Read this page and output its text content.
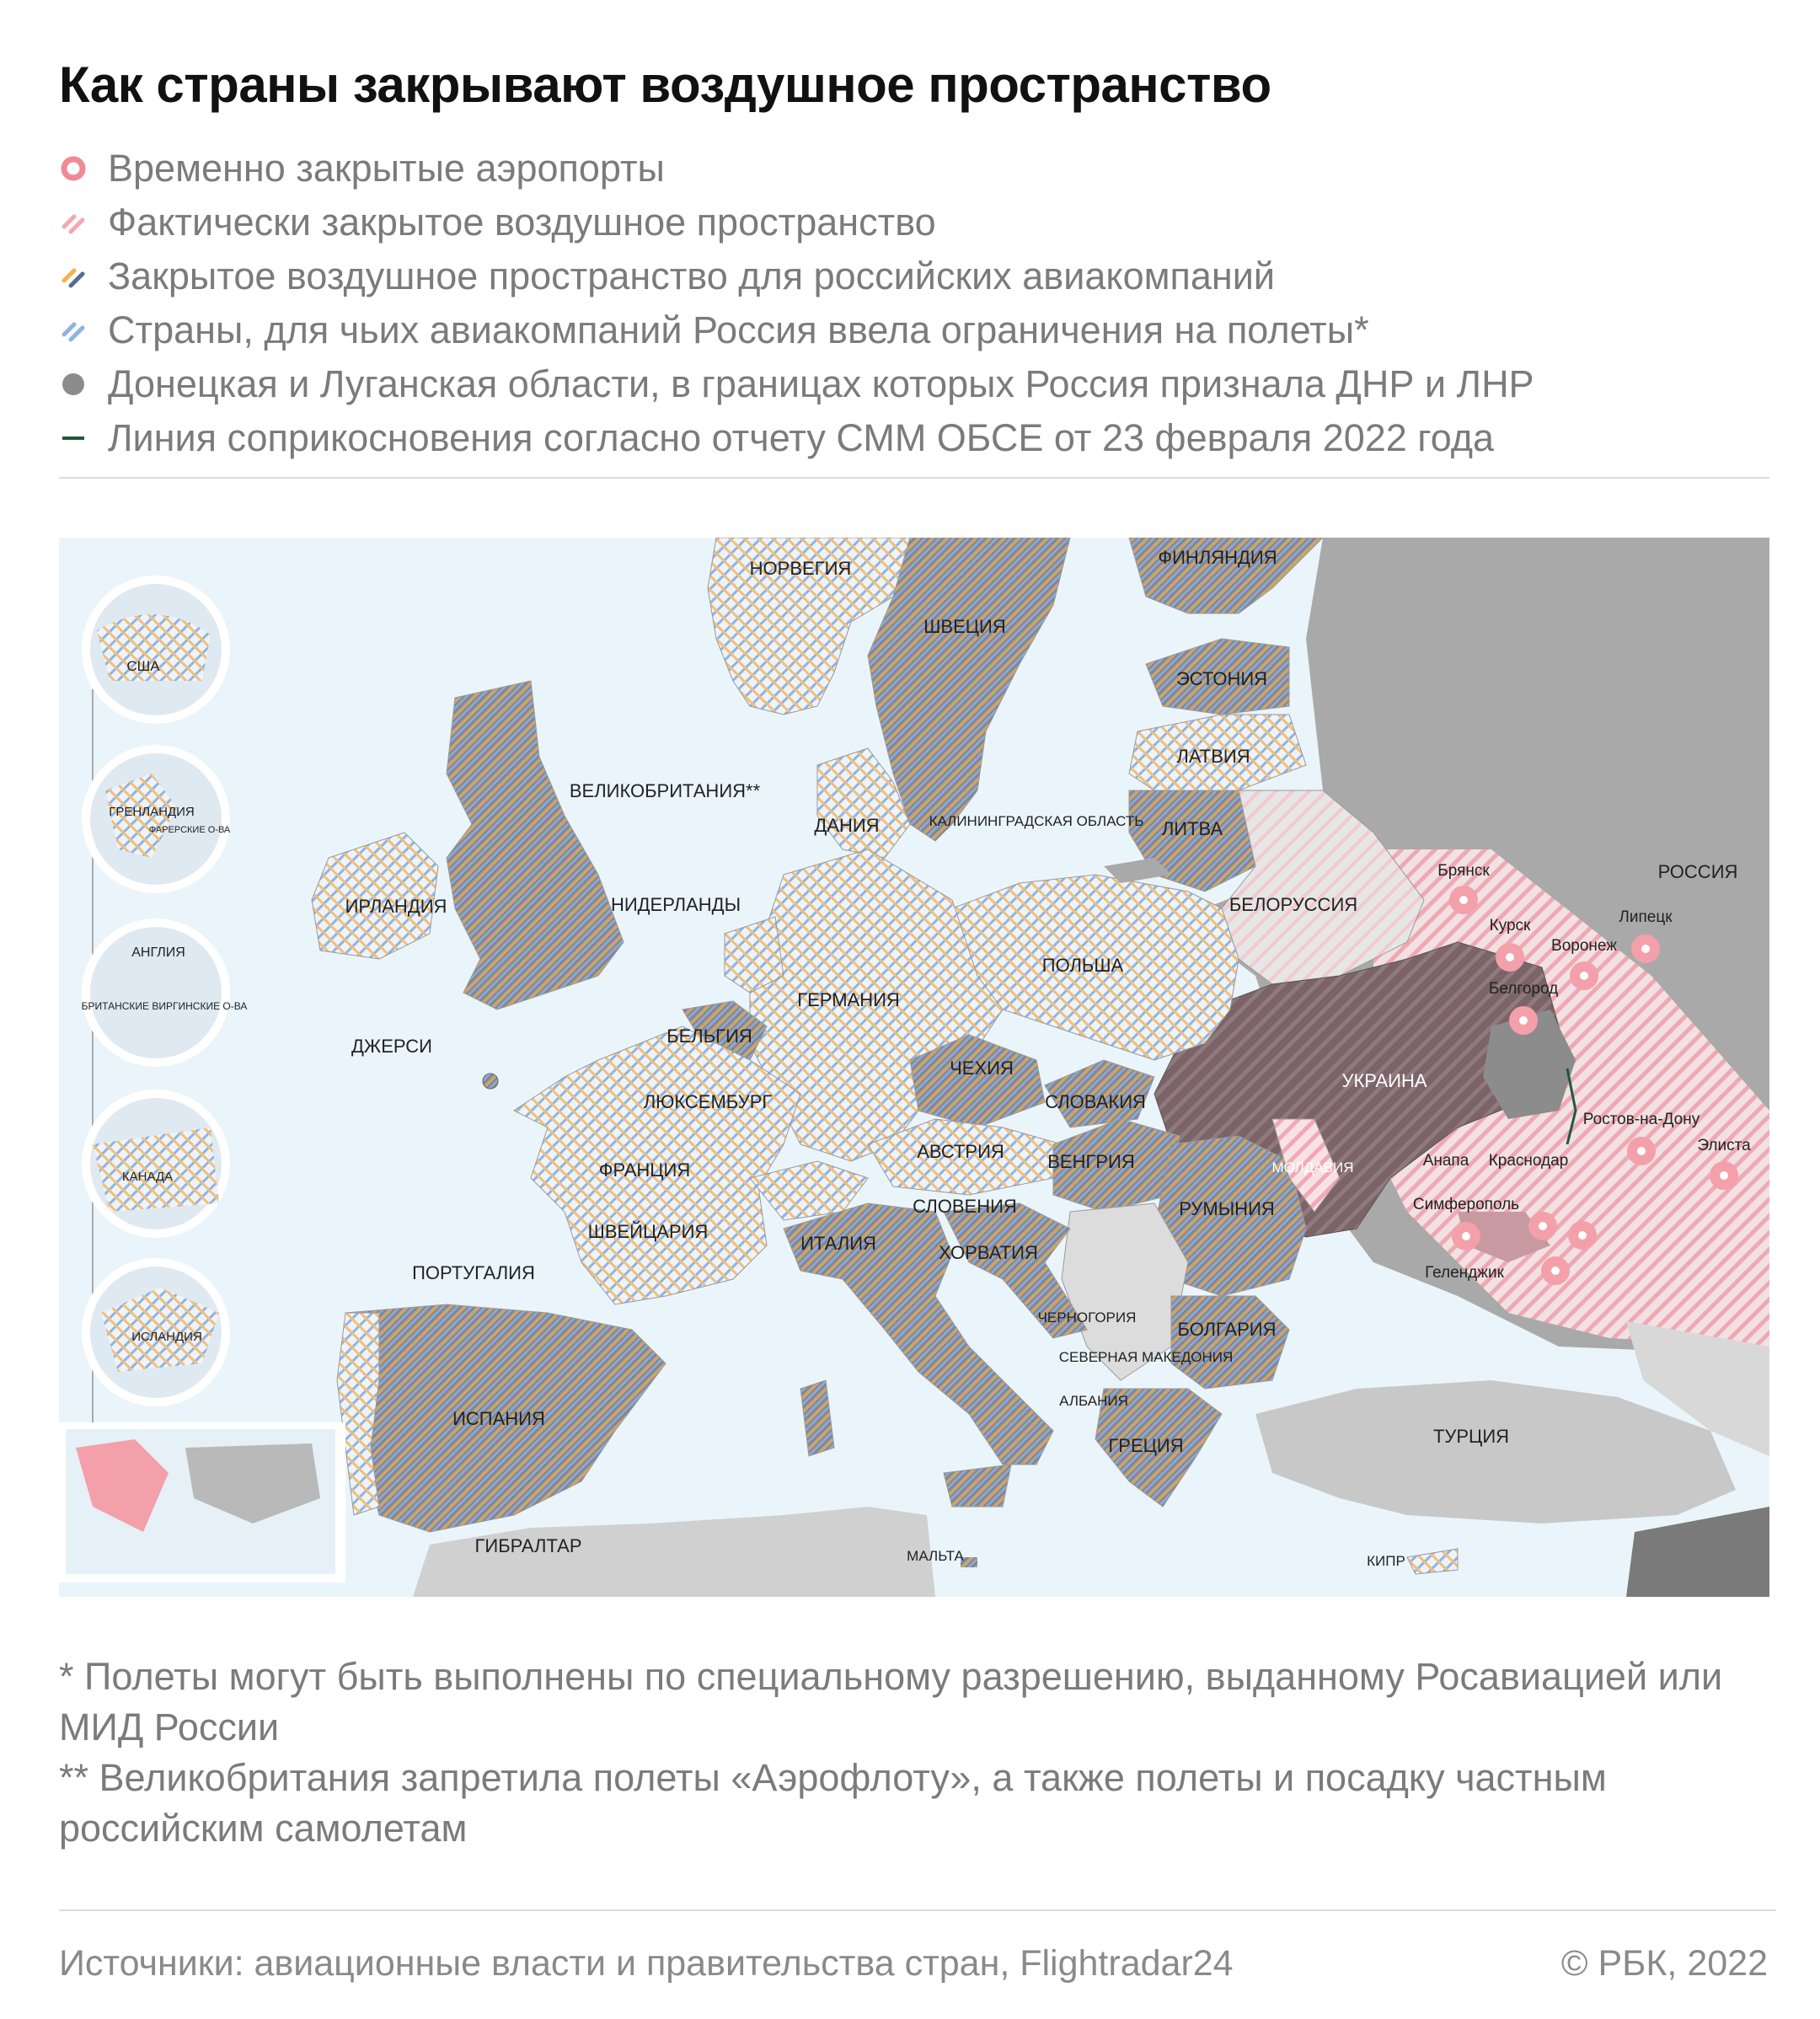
Как страны закрывают воздушное пространство
Временно закрытые аэропорты
Фактически закрытое воздушное пространство
Закрытое воздушное пространство для российских авиакомпаний
Страны, для чьих авиакомпаний Россия ввела ограничения на полеты*
Донецкая и Луганская области, в границах которых Россия признала ДНР и ЛНР
Линия соприкосновения согласно отчету СММ ОБСЕ от 23 февраля 2022 года
НОРВЕГИЯ
ШВЕЦИЯ
ФИНЛЯНДИЯ
ЭСТОНИЯ
ЛАТВИЯ
ЛИТВА
РОССИЯ
БЕЛОРУССИЯ
УКРАИНА
ПОЛЬША
ГЕРМАНИЯ
ДАНИЯ
ВЕЛИКОБРИТАНИЯ**
ИРЛАНДИЯ	НИДЕРЛАНДЫ
БЕЛЬГИЯ
ЛЮКСЕМБУРГ
ДЖЕРСИ
ФРАНЦИЯ
ШВЕЙЦАРИЯ
ЧЕХИЯ
СЛОВАКИЯ
АВСТРИЯ ВЕНГРИЯ
СЛОВЕНИЯ
ХОРВАТИЯ
РУМЫНИЯ
ИТАЛИЯ
ПОРТУГАЛИЯ
ИСПАНИЯ
ГИБРАЛТАР
БОЛГАРИЯ
ГРЕЦИЯ	ТУРЦИЯ
КАЛИНИНГРАДСКАЯ ОБЛАСТЬ
МОЛДАВИЯ
ЧЕРНОГОРИЯ
СЕВЕРНАЯ МАКЕДОНИЯ
АЛБАНИЯ
МАЛЬТА	КИПР
Брянск
Курск
Воронеж
Липецк
Белгород
Ростов-на-Дону
Элиста
Анапа Краснодар
Симферополь
Геленджик
США
ГРЕНЛАНДИЯ
ФАРЕРСКИЕ О-ВА
АНГЛИЯ
БРИТАНСКИЕ ВИРГИНСКИЕ О-ВА
КАНАДА
ИСЛАНДИЯ
* Полеты могут быть выполнены по специальному разрешению, выданному Росавиацией или МИД России
** Великобритания запретила полеты «Аэрофлоту», а также полеты и посадку частным российским самолетам
Источники: авиационные власти и правительства стран, Flightradar24	© РБК, 2022
